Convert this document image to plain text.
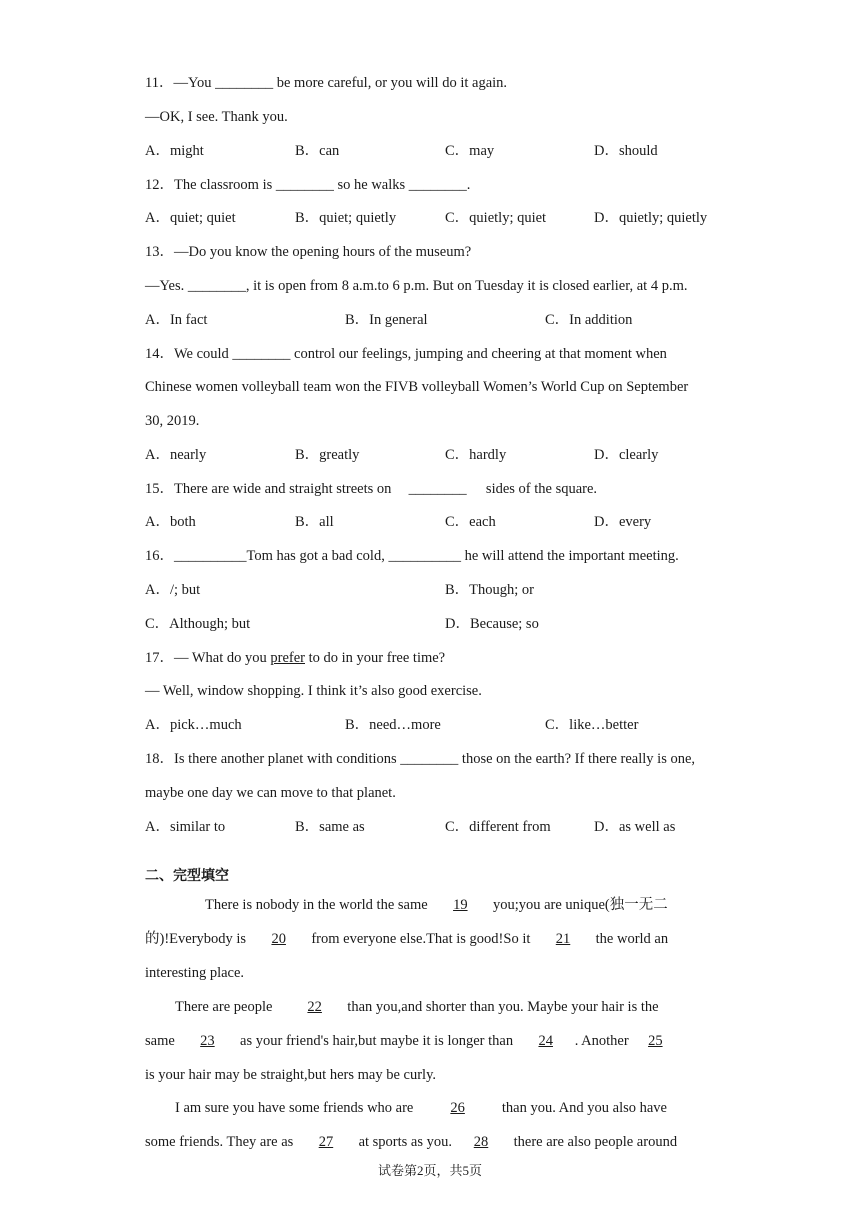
11．—You ________ be more careful, or you will do it again.
—OK, I see. Thank you.
A．might	B．can	C．may	D．should
12．The classroom is ________ so he walks ________.
A．quiet; quiet	B．quiet; quietly	C．quietly; quiet	D．quietly; quietly
13．—Do you know the opening hours of the museum?
—Yes. ________, it is open from 8 a.m.to 6 p.m. But on Tuesday it is closed earlier, at 4 p.m.
A．In fact	B．In general	C．In addition
14．We could ________ control our feelings, jumping and cheering at that moment when
Chinese women volleyball team won the FIVB volleyball Women’s World Cup on September
30, 2019.
A．nearly	B．greatly	C．hardly	D．clearly
15．There are wide and straight streets on ________ sides of the square.
A．both	B．all	C．each	D．every
16．__________Tom has got a bad cold, __________ he will attend the important meeting.
A．/; but	B．Though; or
C．Although; but	D．Because; so
17．— What do you prefer to do in your free time?
— Well, window shopping. I think it’s also good exercise.
A．pick…much	B．need…more	C．like…better
18．Is there another planet with conditions ________ those on the earth? If there really is one,
maybe one day we can move to that planet.
A．similar to	B．same as	C．different from	D．as well as
二、完型填空
There is nobody in the world the same 19 you;you are unique(独一无二
的)!Everybody is 20 from everyone else.That is good!So it 21 the world an
interesting place.
There are people 22 than you,and shorter than you. Maybe your hair is the
same 23 as your friend's hair,but maybe it is longer than 24 . Another 25
is your hair may be straight,but hers may be curly.
I am sure you have some friends who are	26	than you. And you also have
some friends. They are as 27 at sports as you. 28 there are also people around
试卷第2页，共5页
